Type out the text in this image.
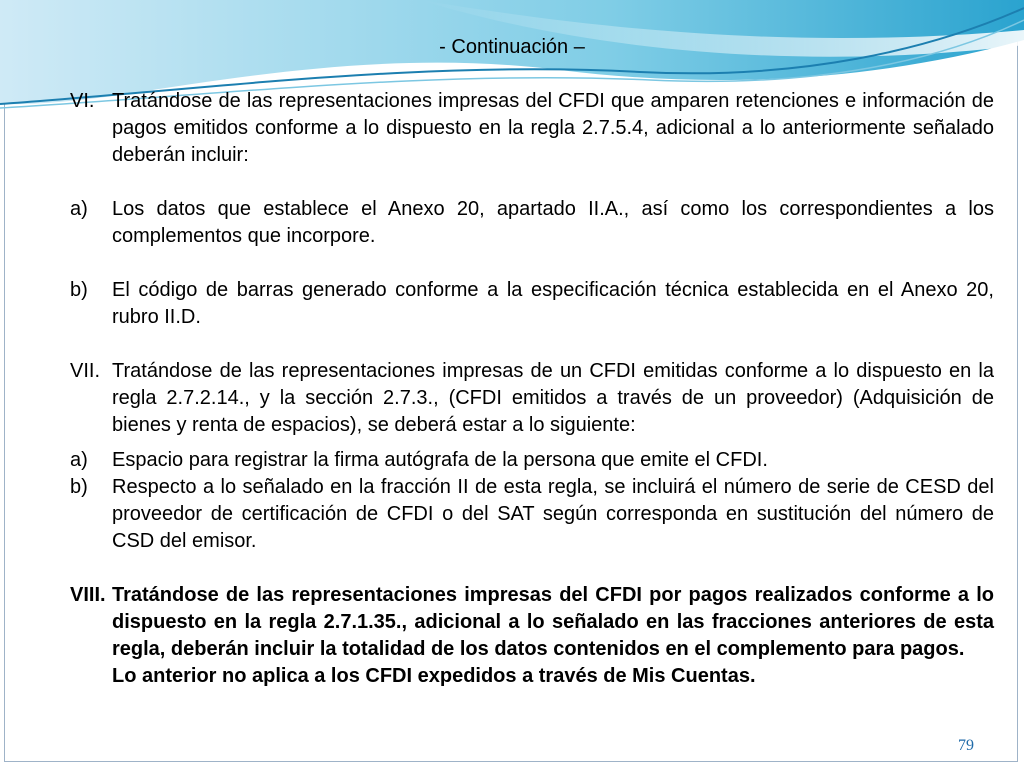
- Continuación –
VI. Tratándose de las representaciones impresas del CFDI que amparen retenciones e información de pagos emitidos conforme a lo dispuesto en la regla 2.7.5.4, adicional a lo anteriormente señalado deberán incluir:
a)	Los datos que establece el Anexo 20, apartado II.A., así como los correspondientes a los complementos que incorpore.
b)	El código de barras generado conforme a la especificación técnica establecida en el Anexo 20, rubro II.D.
VII. Tratándose de las representaciones impresas de un CFDI emitidas conforme a lo dispuesto en la regla 2.7.2.14., y la sección 2.7.3., (CFDI emitidos a través de un proveedor) (Adquisición de bienes y renta de espacios), se deberá estar a lo siguiente:
a)	Espacio para registrar la firma autógrafa de la persona que emite el CFDI.
b)	Respecto a lo señalado en la fracción II de esta regla, se incluirá el número de serie de CESD del proveedor de certificación de CFDI o del SAT según corresponda en sustitución del número de CSD del emisor.
VIII. Tratándose de las representaciones impresas del CFDI por pagos realizados conforme a lo dispuesto en la regla 2.7.1.35., adicional a lo señalado en las fracciones anteriores de esta regla, deberán incluir la totalidad de los datos contenidos en el complemento para pagos.
Lo anterior no aplica a los CFDI expedidos a través de Mis Cuentas.
79
